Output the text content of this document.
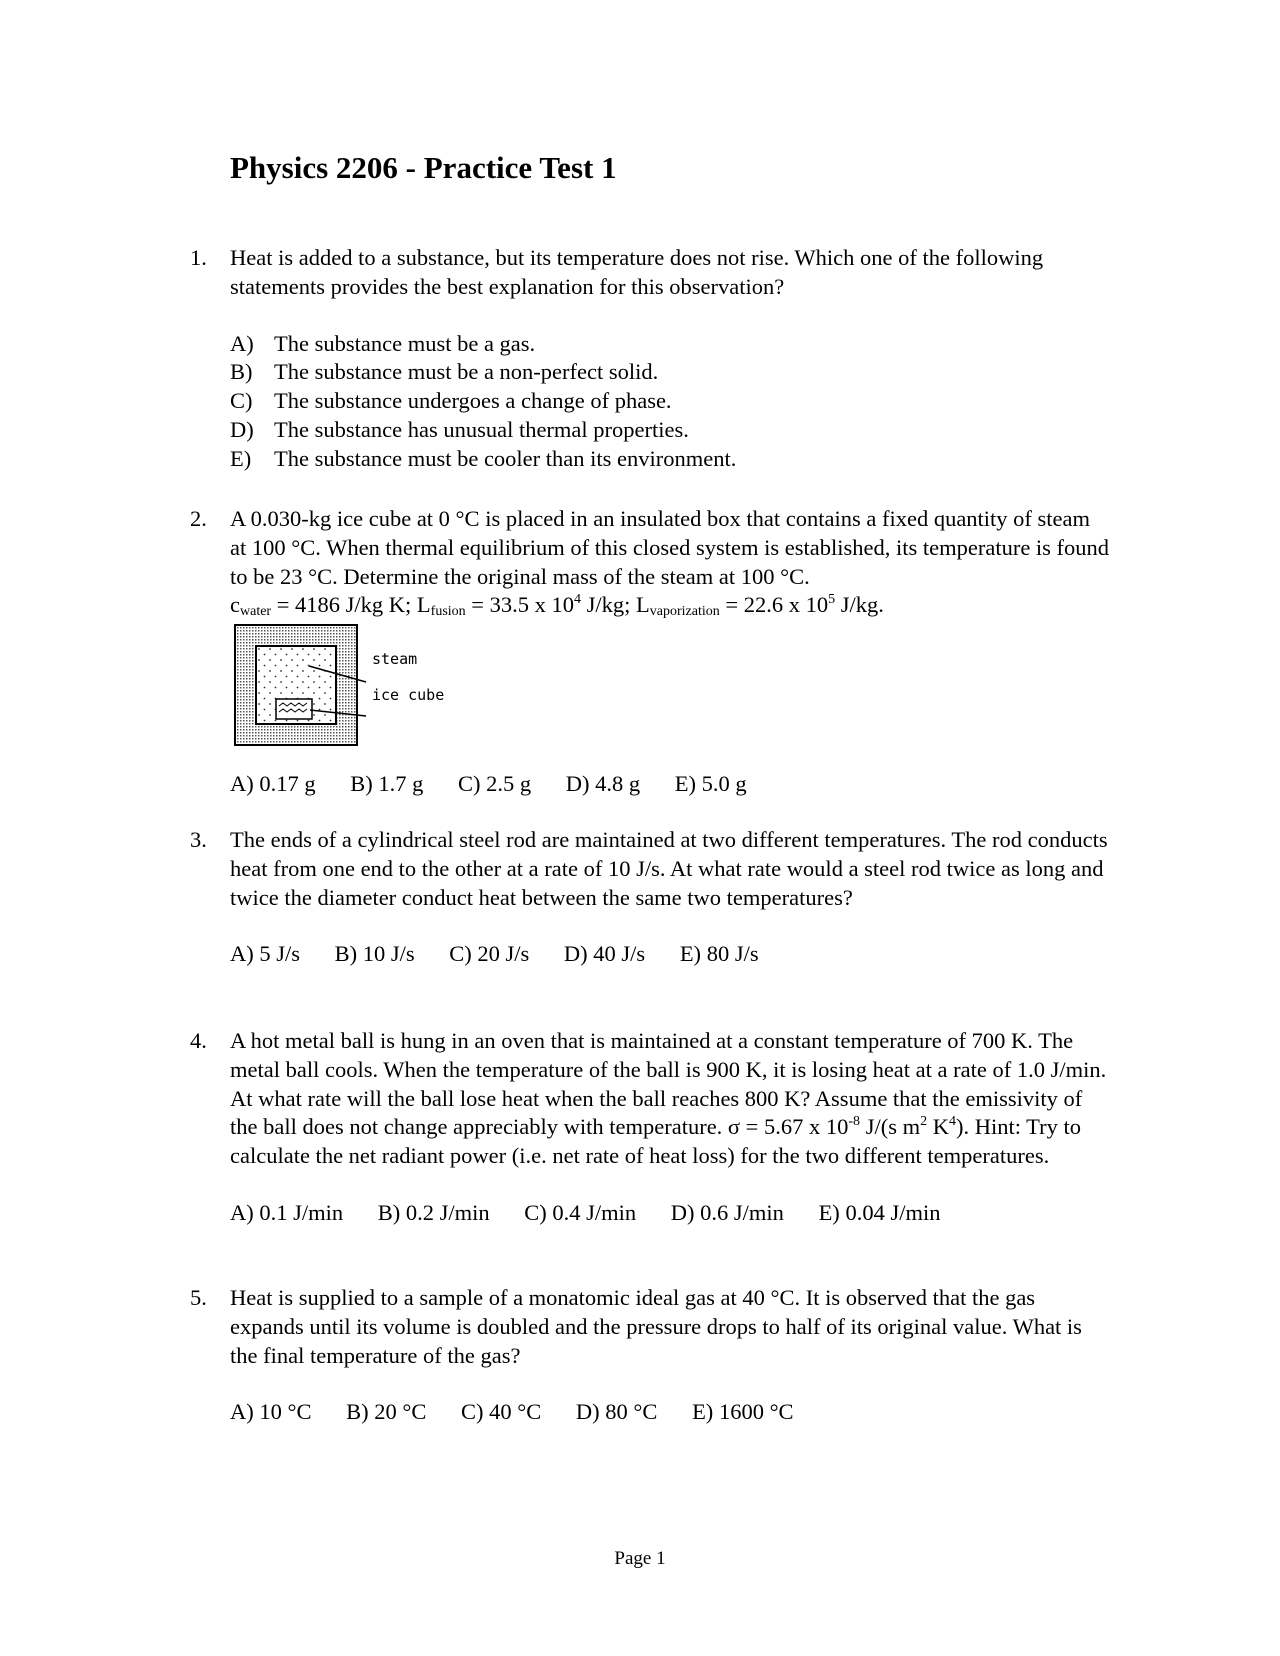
Physics 2206 - Practice Test 1
1. Heat is added to a substance, but its temperature does not rise. Which one of the following statements provides the best explanation for this observation?
A) The substance must be a gas.
B) The substance must be a non-perfect solid.
C) The substance undergoes a change of phase.
D) The substance has unusual thermal properties.
E)	The substance must be cooler than its environment.
2. A 0.030-kg ice cube at 0 °C is placed in an insulated box that contains a fixed quantity of steam at 100 °C. When thermal equilibrium of this closed system is established, its temperature is found to be 23 °C. Determine the original mass of the steam at 100 °C.
$c_{water} = 4186$ J/kg K; $L_{fusion} = 33.5$ x $10^4$ J/kg; $L_{vaporization} = 22.6$ x $10^5$ J/kg.
steam
ice cube
A) 0.17 g B) 1.7 g C) 2.5 g D) 4.8 g E) 5.0 g
3. The ends of a cylindrical steel rod are maintained at two different temperatures. The rod conducts heat from one end to the other at a rate of 10 J/s. At what rate would a steel rod twice as long and twice the diameter conduct heat between the same two temperatures?
A) 5 J/s B) 10 J/s C) 20 J/s D) 40 J/s E) 80 J/s
4. A hot metal ball is hung in an oven that is maintained at a constant temperature of 700 K. The metal ball cools. When the temperature of the ball is 900 K, it is losing heat at a rate of 1.0 J/min. At what rate will the ball lose heat when the ball reaches 800 K? Assume that the emissivity of the ball does not change appreciably with temperature. σ = 5.67 x $10^{-8}$ J/(s $m^2$ $K^4$). Hint: Try to calculate the net radiant power (i.e. net rate of heat loss) for the two different temperatures.
A) 0.1 J/min B) 0.2 J/min C) 0.4 J/min D) 0.6 J/min E) 0.04 J/min
5. Heat is supplied to a sample of a monatomic ideal gas at 40 °C. It is observed that the gas expands until its volume is doubled and the pressure drops to half of its original value. What is the final temperature of the gas?
A) 10 °C B) 20 °C C) 40 °C D) 80 °C E) 1600 °C
Page 1
